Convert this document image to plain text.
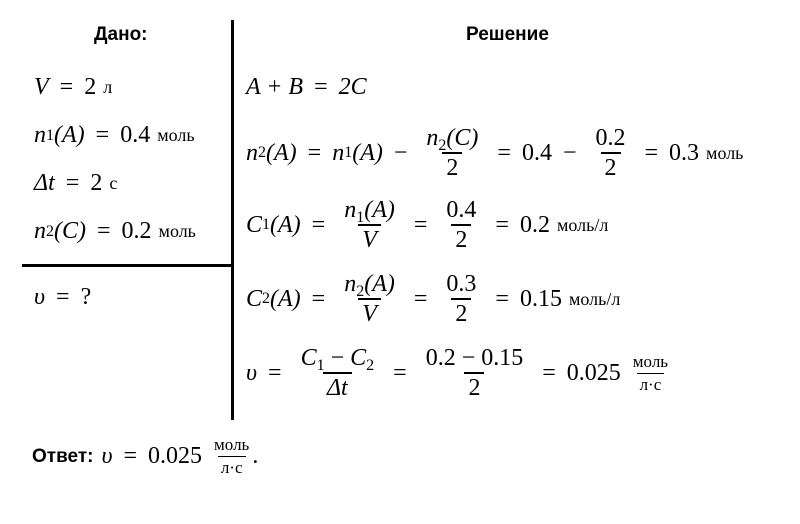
Дано:	Решение
V = 2 л
n 1 (A) = 0.4 моль
Δt = 2 с
n 2 (C) = 0.2 моль
υ = ?
A + B = 2C
n 2 (A) = n 1 $(A) - \frac{n_2(C)}{2} = 0.4 - \frac{0.2}{2} = 0.3$ моль
C 1 $(A) = \frac{n_1(A)}{V} = \frac{0.4}{2} = 0.2$ моль/л
C 2 $(A) = \frac{n_2(A)}{V} = \frac{0.3}{2} = 0.15$ моль/л
$\upsilon = \frac{C_1 - C_2}{\Delta t} = \frac{0.2 - 0.15}{2} = 0.025 \frac{\text{моль}}{л\cdot с}$
Ответ: $\upsilon = 0.025 \frac{\text{моль}}{л\cdot с}$ .
